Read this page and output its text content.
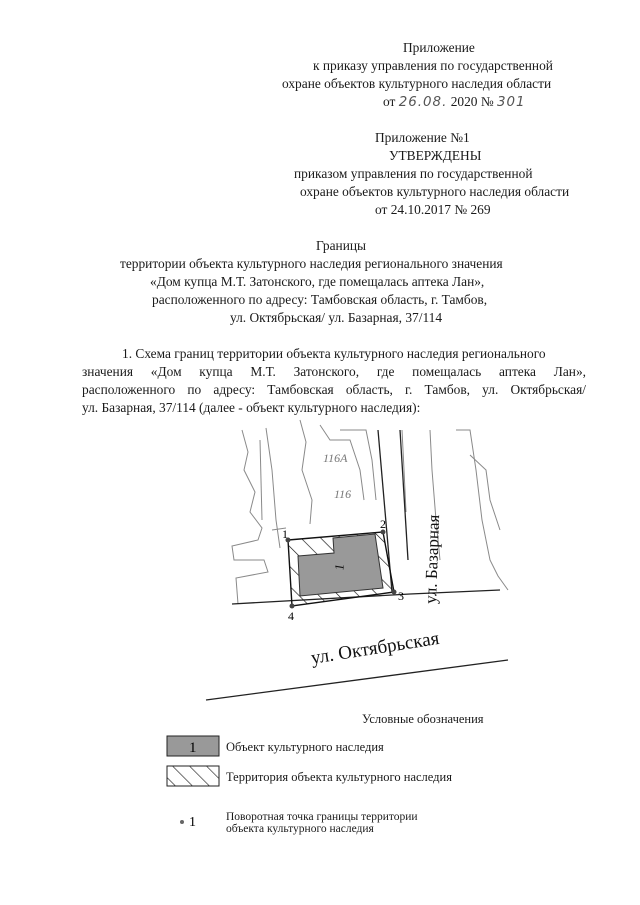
Приложение
к приказу управления по государственной
охране объектов культурного наследия области
от 26.08. 2020 № 301
Приложение №1
УТВЕРЖДЕНЫ
приказом управления по государственной
охране объектов культурного наследия области
от 24.10.2017 № 269
Границы
территории объекта культурного наследия регионального значения
«Дом купца М.Т. Затонского, где помещалась аптека Лан»,
расположенного по адресу: Тамбовская область, г. Тамбов,
ул. Октябрьская/ ул. Базарная, 37/114
1. Схема границ территории объекта культурного наследия регионального
значения «Дом купца М.Т. Затонского, где помещалась аптека Лан»,
расположенного по адресу: Тамбовская область, г. Тамбов, ул. Октябрьская/
ул. Базарная, 37/114 (далее - объект культурного наследия):
116А
116
1
1
2
3
4
ул. Октябрьская
ул. Базарная
1
1
Условные обозначения
Объект культурного наследия
Территория объекта культурного наследия
Поворотная точка границы территории
объекта культурного наследия
